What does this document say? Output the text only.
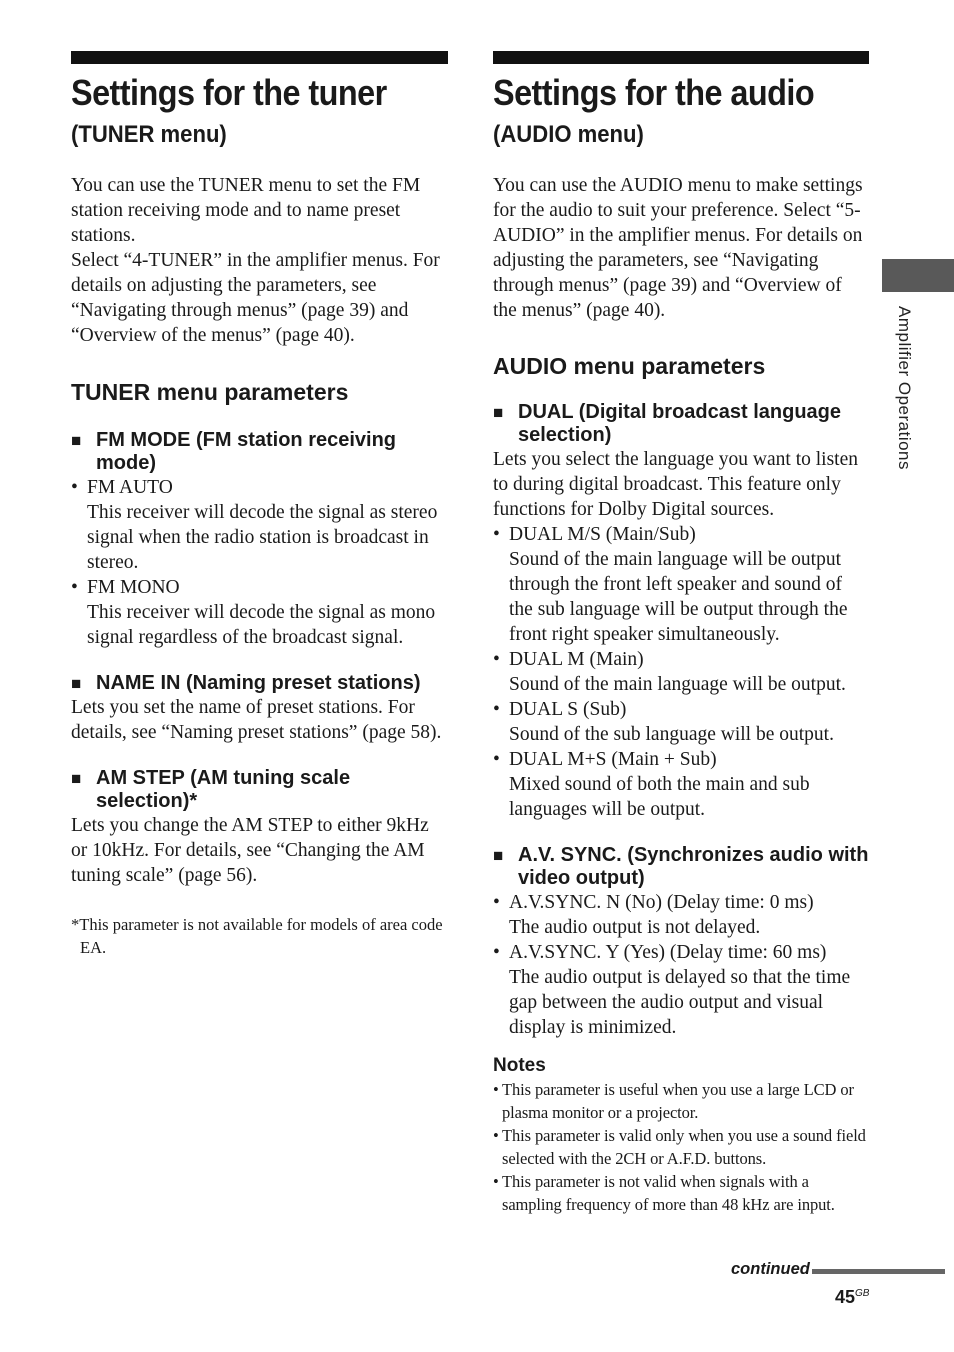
Settings for the tuner
(TUNER menu)

You can use the TUNER menu to set the FM station receiving mode and to name preset stations.

Select “4-TUNER” in the amplifier menus. For details on adjusting the parameters, see “Navigating through menus” (page 39) and “Overview of the menus” (page 40).

TUNER menu parameters
■ FM MODE (FM station receiving mode)
• FM AUTO
This receiver will decode the signal as stereo signal when the radio station is broadcast in stereo.
• FM MONO
This receiver will decode the signal as mono signal regardless of the broadcast signal.
■ NAME IN (Naming preset stations)

Lets you set the name of preset stations. For details, see “Naming preset stations” (page 58).

■ AM STEP (AM tuning scale selection)*

Lets you change the AM STEP to either 9kHz or 10kHz. For details, see “Changing the AM tuning scale” (page 56).

*This parameter is not available for models of area code EA.

Settings for the audio
(AUDIO menu)

You can use the AUDIO menu to make settings for the audio to suit your preference. Select “5-AUDIO” in the amplifier menus. For details on adjusting the parameters, see “Navigating through menus” (page 39) and “Overview of the menus” (page 40).

AUDIO menu parameters
■ DUAL (Digital broadcast language selection)

Lets you select the language you want to listen to during digital broadcast. This feature only functions for Dolby Digital sources.

• DUAL M/S (Main/Sub)
Sound of the main language will be output through the front left speaker and sound of the sub language will be output through the front right speaker simultaneously.
• DUAL M (Main)
Sound of the main language will be output.
• DUAL S (Sub)
Sound of the sub language will be output.
• DUAL M+S (Main + Sub)
Mixed sound of both the main and sub languages will be output.
■ A.V. SYNC. (Synchronizes audio with video output)
• A.V.SYNC. N (No) (Delay time: 0 ms)
The audio output is not delayed.
• A.V.SYNC. Y (Yes) (Delay time: 60 ms)
The audio output is delayed so that the time gap between the audio output and visual display is minimized.
Notes
• This parameter is useful when you use a large LCD or plasma monitor or a projector.
• This parameter is valid only when you use a sound field selected with the 2CH or A.F.D. buttons.
• This parameter is not valid when signals with a sampling frequency of more than 48 kHz are input.
Amplifier Operations
continued
$45^{GB}$
